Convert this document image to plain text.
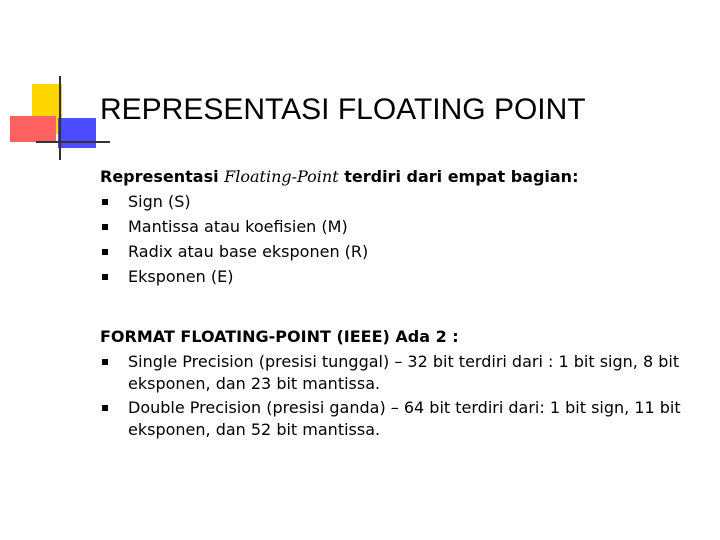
REPRESENTASI FLOATING POINT
Representasi Floating-Point terdiri dari empat bagian:
Sign (S)
Mantissa atau koefisien (M)
Radix atau base eksponen (R)
Eksponen (E)
FORMAT FLOATING-POINT (IEEE) Ada 2 :
Single Precision (presisi tunggal) – 32 bit terdiri dari : 1 bit sign, 8 bit eksponen, dan 23 bit mantissa.
Double Precision (presisi ganda) – 64 bit terdiri dari: 1 bit sign, 11 bit eksponen, dan 52 bit mantissa.
